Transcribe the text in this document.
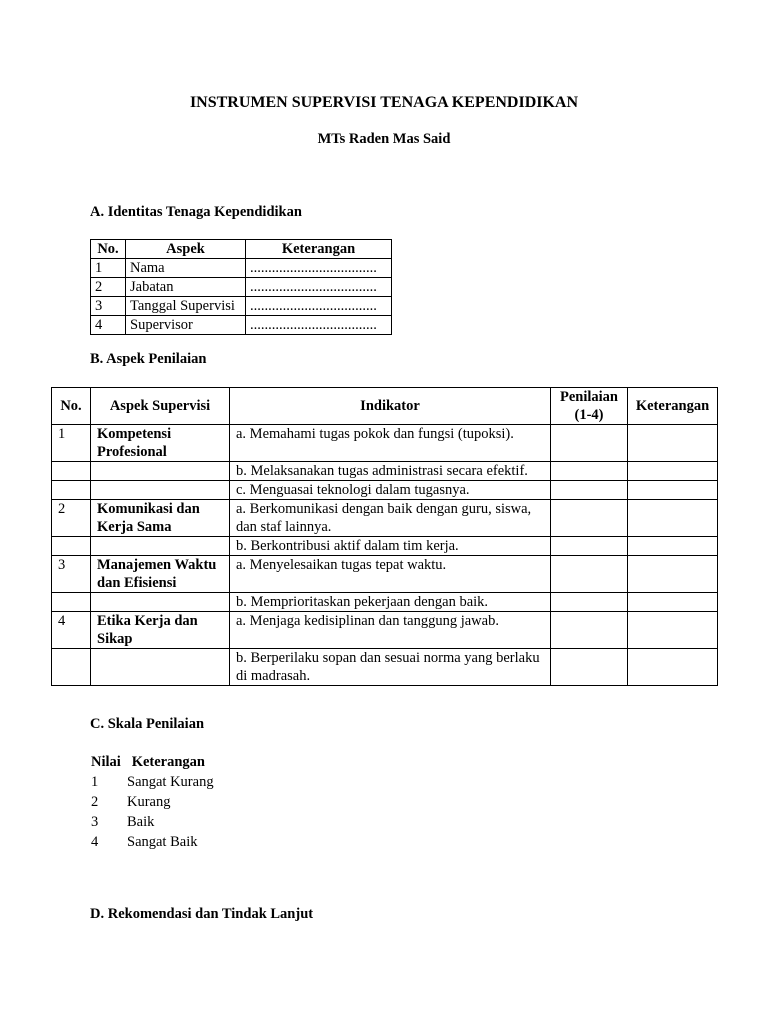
INSTRUMEN SUPERVISI TENAGA KEPENDIDIKAN
MTs Raden Mas Said
A. Identitas Tenaga Kependidikan
No.	Aspek	Keterangan
1	Nama	...................................
2	Jabatan	...................................
3	Tanggal Supervisi	...................................
4	Supervisor	...................................
B. Aspek Penilaian
No.	Aspek Supervisi	Indikator	Penilaian (1-4)	Keterangan
1	Kompetensi Profesional	a. Memahami tugas pokok dan fungsi (tupoksi).		
		b. Melaksanakan tugas administrasi secara efektif.		
		c. Menguasai teknologi dalam tugasnya.		
2	Komunikasi dan Kerja Sama	a. Berkomunikasi dengan baik dengan guru, siswa, dan staf lainnya.		
		b. Berkontribusi aktif dalam tim kerja.		
3	Manajemen Waktu dan Efisiensi	a. Menyelesaikan tugas tepat waktu.		
		b. Memprioritaskan pekerjaan dengan baik.		
4	Etika Kerja dan Sikap	a. Menjaga kedisiplinan dan tanggung jawab.		
		b. Berperilaku sopan dan sesuai norma yang berlaku di madrasah.		
C. Skala Penilaian
Nilai Keterangan
1 Sangat Kurang
2 Kurang
3 Baik
4 Sangat Baik
D. Rekomendasi dan Tindak Lanjut
